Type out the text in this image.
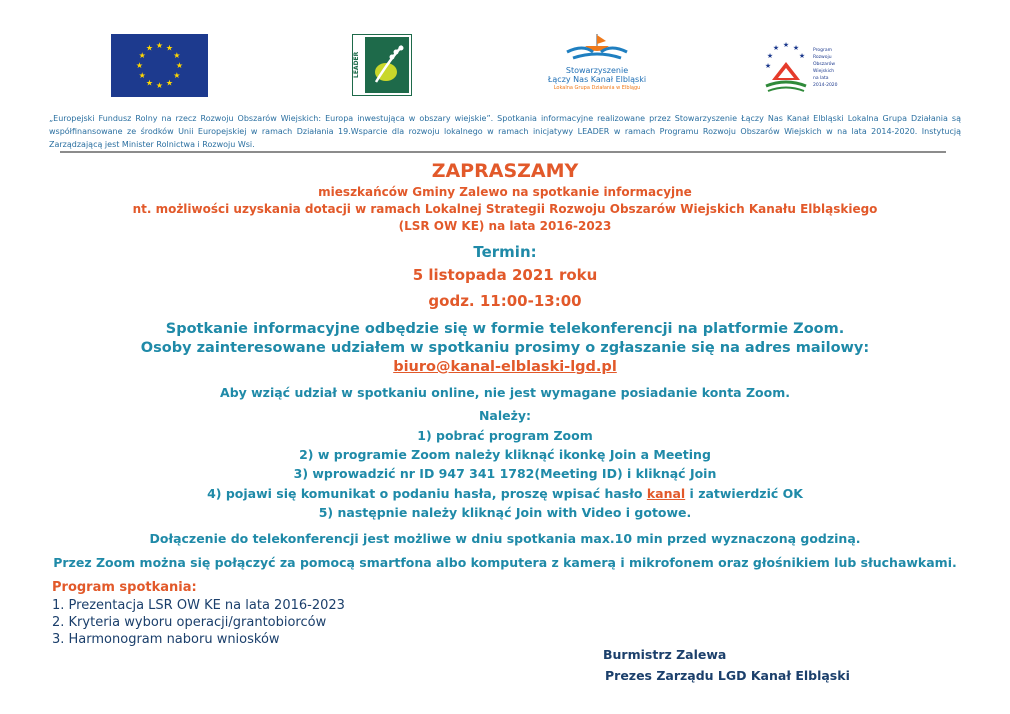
★ ★
★
★
★
★
★
★
★
★
★
★
LEADER	Stowarzyszenie
Łączy Nas Kanał Elbląski
Lokalna Grupa Działania w Elblągu
★ ★
★
★
★
★
Program
Rozwoju
Obszarów
Wiejskich
na lata 2014-2020
„Europejski Fundusz Rolny na rzecz Rozwoju Obszarów Wiejskich: Europa inwestująca w obszary wiejskie”. Spotkania informacyjne realizowane przez Stowarzyszenie Łączy Nas Kanał Elbląski Lokalna Grupa Działania są współfinansowane ze środków Unii Europejskiej w ramach Działania 19.Wsparcie dla rozwoju lokalnego w ramach inicjatywy LEADER w ramach Programu Rozwoju Obszarów Wiejskich w na lata 2014-2020. Instytucją Zarządzającą jest Minister Rolnictwa i Rozwoju Wsi.
ZAPRASZAMY
mieszkańców Gminy Zalewo na spotkanie informacyjne
nt. możliwości uzyskania dotacji w ramach Lokalnej Strategii Rozwoju Obszarów Wiejskich Kanału Elbląskiego
(LSR OW KE) na lata 2016-2023
Termin:
5 listopada 2021 roku
godz. 11:00-13:00
Spotkanie informacyjne odbędzie się w formie telekonferencji na platformie Zoom.
Osoby zainteresowane udziałem w spotkaniu prosimy o zgłaszanie się na adres mailowy:
biuro@kanal-elblaski-lgd.pl
Aby wziąć udział w spotkaniu online, nie jest wymagane posiadanie konta Zoom.
Należy:
1) pobrać program Zoom
2) w programie Zoom należy kliknąć ikonkę Join a Meeting
3) wprowadzić nr ID 947 341 1782(Meeting ID) i kliknąć Join
4) pojawi się komunikat o podaniu hasła, proszę wpisać hasło kanal i zatwierdzić OK
5) następnie należy kliknąć Join with Video i gotowe.
Dołączenie do telekonferencji jest możliwe w dniu spotkania max.10 min przed wyznaczoną godziną.
Przez Zoom można się połączyć za pomocą smartfona albo komputera z kamerą i mikrofonem oraz głośnikiem lub słuchawkami.
Program spotkania:
1. Prezentacja LSR OW KE na lata 2016-2023
2. Kryteria wyboru operacji/grantobiorców
3. Harmonogram naboru wniosków
Burmistrz Zalewa
Prezes Zarządu LGD Kanał Elbląski
